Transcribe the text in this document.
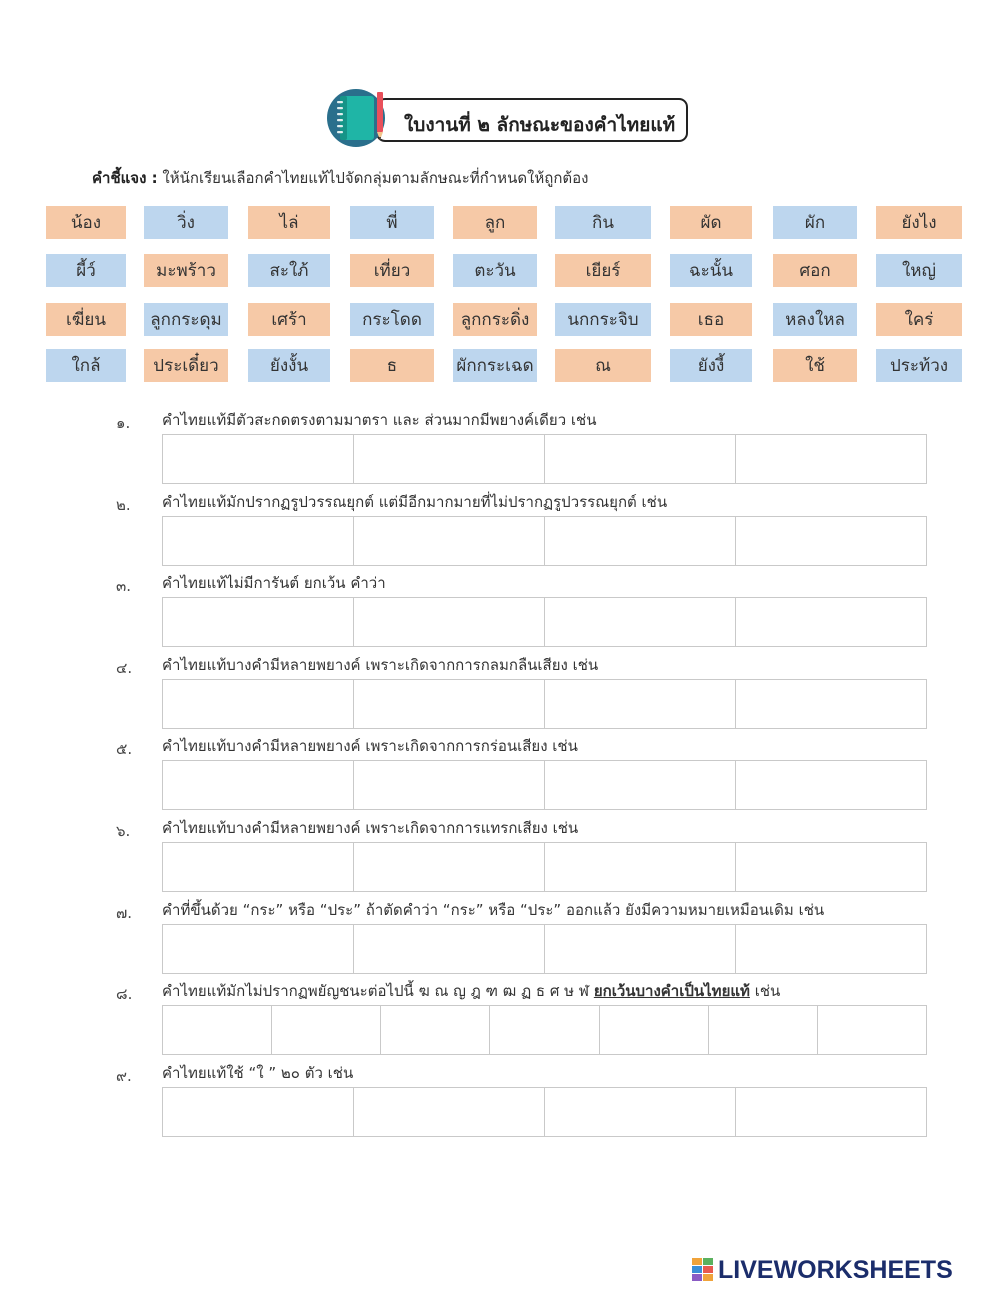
ใบงานที่ ๒ ลักษณะของคำไทยแท้
คำชี้แจง : ให้นักเรียนเลือกคำไทยแท้ไปจัดกลุ่มตามลักษณะที่กำหนดให้ถูกต้อง
น้อง	วิ่ง	ไล่	พี่	ลูก	กิน	ผัด	ผัก	ยังไง
ผี้ว์	มะพร้าว	สะใภ้	เที่ยว	ตะวัน	เยียร์	ฉะนั้น	ศอก	ใหญ่
เฆี่ยน	ลูกกระดุม	เศร้า	กระโดด	ลูกกระดิ่ง	นกกระจิบ	เธอ	หลงใหล	ใคร่
ใกล้	ประเดี๋ยว	ยังงั้น	ธ	ผักกระเฉด	ณ	ยังงี้	ใช้	ประท้วง
๑. คำไทยแท้มีตัวสะกดตรงตามมาตรา และ ส่วนมากมีพยางค์เดียว เช่น
๒. คำไทยแท้มักปรากฏรูปวรรณยุกต์ แต่มีอีกมากมายที่ไม่ปรากฏรูปวรรณยุกต์ เช่น
๓. คำไทยแท้ไม่มีการันต์ ยกเว้น คำว่า
๔. คำไทยแท้บางคำมีหลายพยางค์ เพราะเกิดจากการกลมกลืนเสียง เช่น
๕. คำไทยแท้บางคำมีหลายพยางค์ เพราะเกิดจากการกร่อนเสียง เช่น
๖. คำไทยแท้บางคำมีหลายพยางค์ เพราะเกิดจากการแทรกเสียง เช่น
๗. คำที่ขึ้นด้วย “กระ” หรือ “ประ” ถ้าตัดคำว่า “กระ” หรือ “ประ” ออกแล้ว ยังมีความหมายเหมือนเดิม เช่น
๘. คำไทยแท้มักไม่ปรากฏพยัญชนะต่อไปนี้ ฆ ณ ญ ฎ ฑ ฒ ฏ ธ ศ ษ ฬ ยกเว้นบางคำเป็นไทยแท้ เช่น
๙. คำไทยแท้ใช้ “ใ ” ๒๐ ตัว เช่น
LIVEWORKSHEETS
